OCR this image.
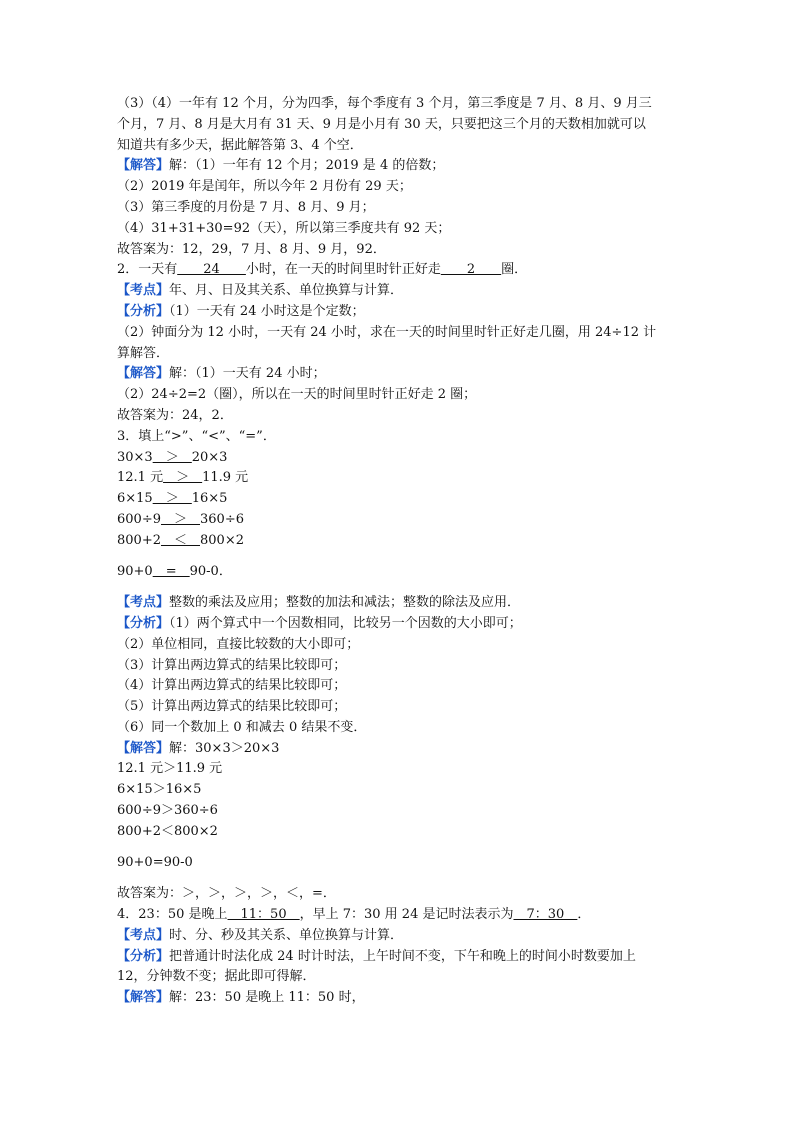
（3）（4）一年有 12 个月，分为四季，每个季度有 3 个月，第三季度是 7 月、8 月、9 月三
个月，7 月、8 月是大月有 31 天、9 月是小月有 30 天，只要把这三个月的天数相加就可以
知道共有多少天，据此解答第 3、4 个空．
【解答】解：（1）一年有 12 个月；2019 是 4 的倍数；
（2）2019 年是闰年，所以今年 2 月份有 29 天；
（3）第三季度的月份是 7 月、8 月、9 月；
（4）31+31+30=92（天），所以第三季度共有 92 天；
故答案为：12，29，7 月、8 月、9 月，92．
2．一天有＿＿24＿＿小时，在一天的时间里时针正好走＿＿2＿＿圈．
【考点】年、月、日及其关系、单位换算与计算．
【分析】（1）一天有 24 小时这是个定数；
（2）钟面分为 12 小时，一天有 24 小时，求在一天的时间里时针正好走几圈，用 24÷12 计
算解答．
【解答】解：（1）一天有 24 小时；
（2）24÷2=2（圈），所以在一天的时间里时针正好走 2 圈；
故答案为：24，2．
3．填上“>”、“<”、“=”．
30×3＿＞＿20×3
12.1 元＿＞＿11.9 元
6×15＿＞＿16×5
600÷9＿＞＿360÷6
800+2＿＜＿800×2
90+0＿=＿90-0．
【考点】整数的乘法及应用；整数的加法和减法；整数的除法及应用．
【分析】（1）两个算式中一个因数相同，比较另一个因数的大小即可；
（2）单位相同，直接比较数的大小即可；
（3）计算出两边算式的结果比较即可；
（4）计算出两边算式的结果比较即可；
（5）计算出两边算式的结果比较即可；
（6）同一个数加上 0 和减去 0 结果不变．
【解答】解：30×3＞20×3
12.1 元＞11.9 元
6×15＞16×5
600÷9＞360÷6
800+2＜800×2
90+0=90-0
故答案为：＞，＞，＞，＞，＜，=．
4．23：50 是晚上＿11：50＿，早上 7：30 用 24 是记时法表示为＿7：30＿．
【考点】时、分、秒及其关系、单位换算与计算．
【分析】把普通计时法化成 24 时计时法，上午时间不变，下午和晚上的时间小时数要加上
12，分钟数不变；据此即可得解．
【解答】解：23：50 是晚上 11：50 时，
